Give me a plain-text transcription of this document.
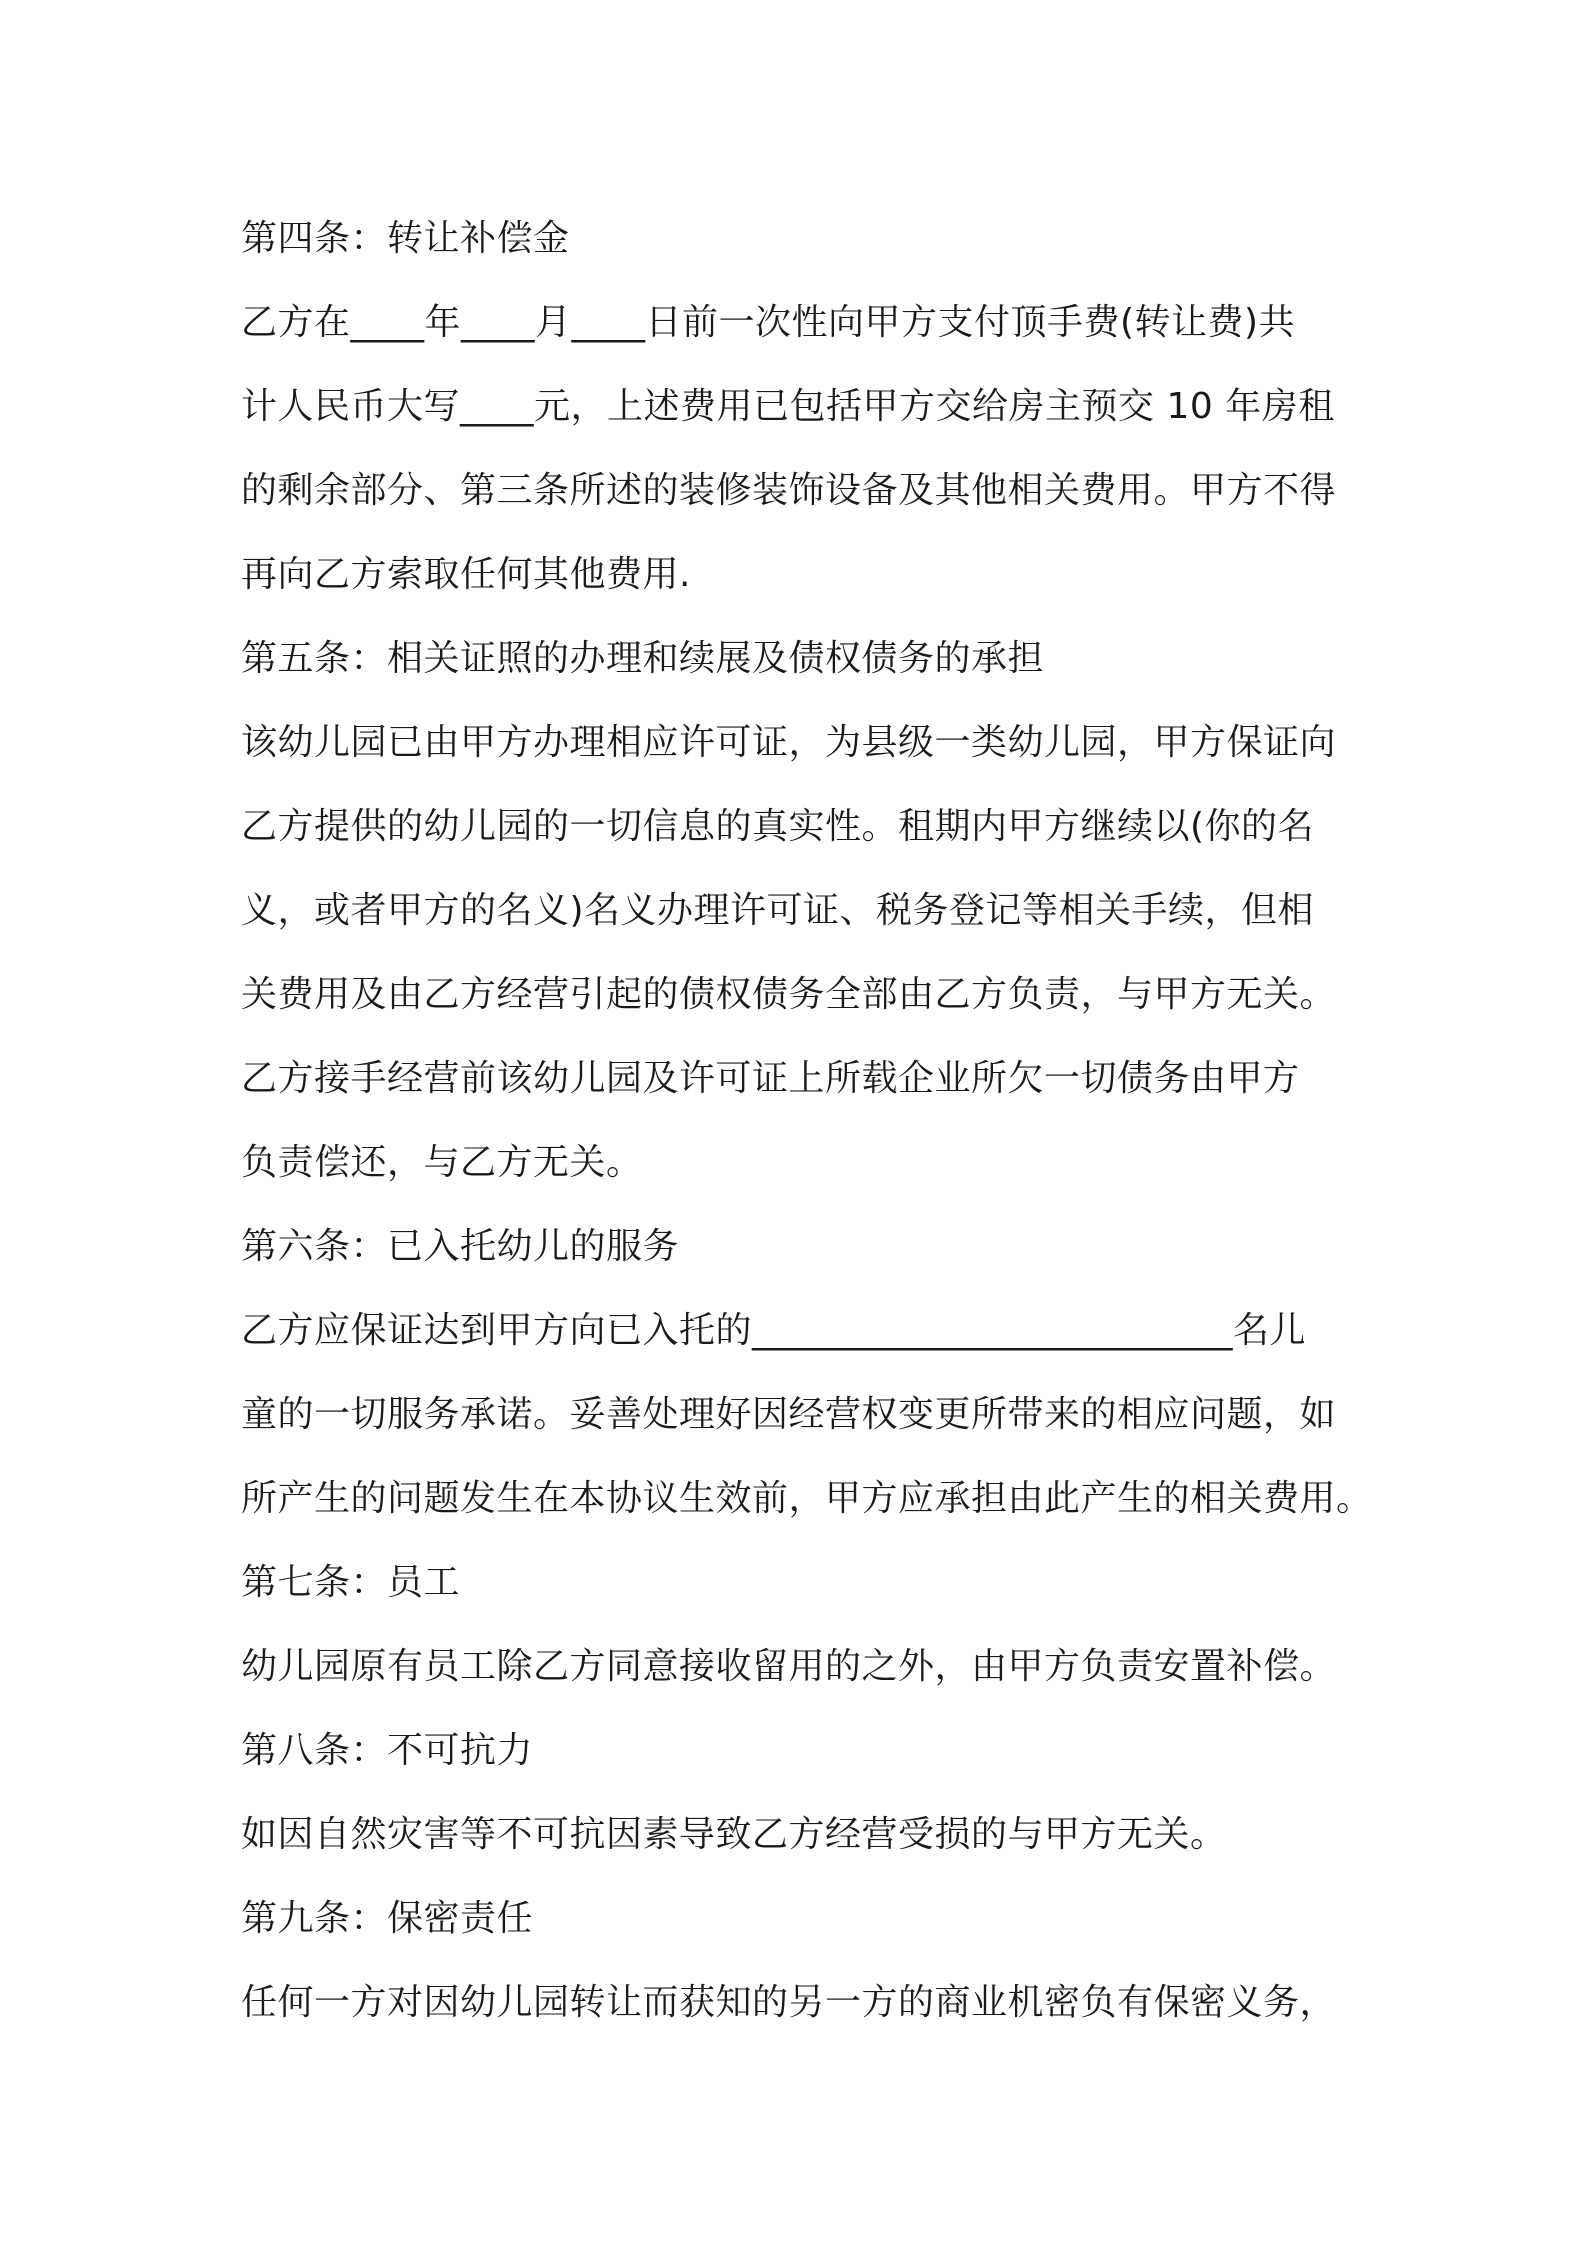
第四条：转让补偿金

乙方在____年____月____日前一次性向甲方支付顶手费(转让费)共

计人民币大写____元，上述费用已包括甲方交给房主预交 10 年房租

的剩余部分、第三条所述的装修装饰设备及其他相关费用。甲方不得

再向乙方索取任何其他费用.

第五条：相关证照的办理和续展及债权债务的承担

该幼儿园已由甲方办理相应许可证，为县级一类幼儿园，甲方保证向

乙方提供的幼儿园的一切信息的真实性。租期内甲方继续以(你的名

义，或者甲方的名义)名义办理许可证、税务登记等相关手续，但相

关费用及由乙方经营引起的债权债务全部由乙方负责，与甲方无关。

乙方接手经营前该幼儿园及许可证上所载企业所欠一切债务由甲方

负责偿还，与乙方无关。

第六条：已入托幼儿的服务

乙方应保证达到甲方向已入托的__________________________名儿

童的一切服务承诺。妥善处理好因经营权变更所带来的相应问题，如

所产生的问题发生在本协议生效前，甲方应承担由此产生的相关费用。

第七条：员工

幼儿园原有员工除乙方同意接收留用的之外，由甲方负责安置补偿。

第八条：不可抗力

如因自然灾害等不可抗因素导致乙方经营受损的与甲方无关。

第九条：保密责任

任何一方对因幼儿园转让而获知的另一方的商业机密负有保密义务，
